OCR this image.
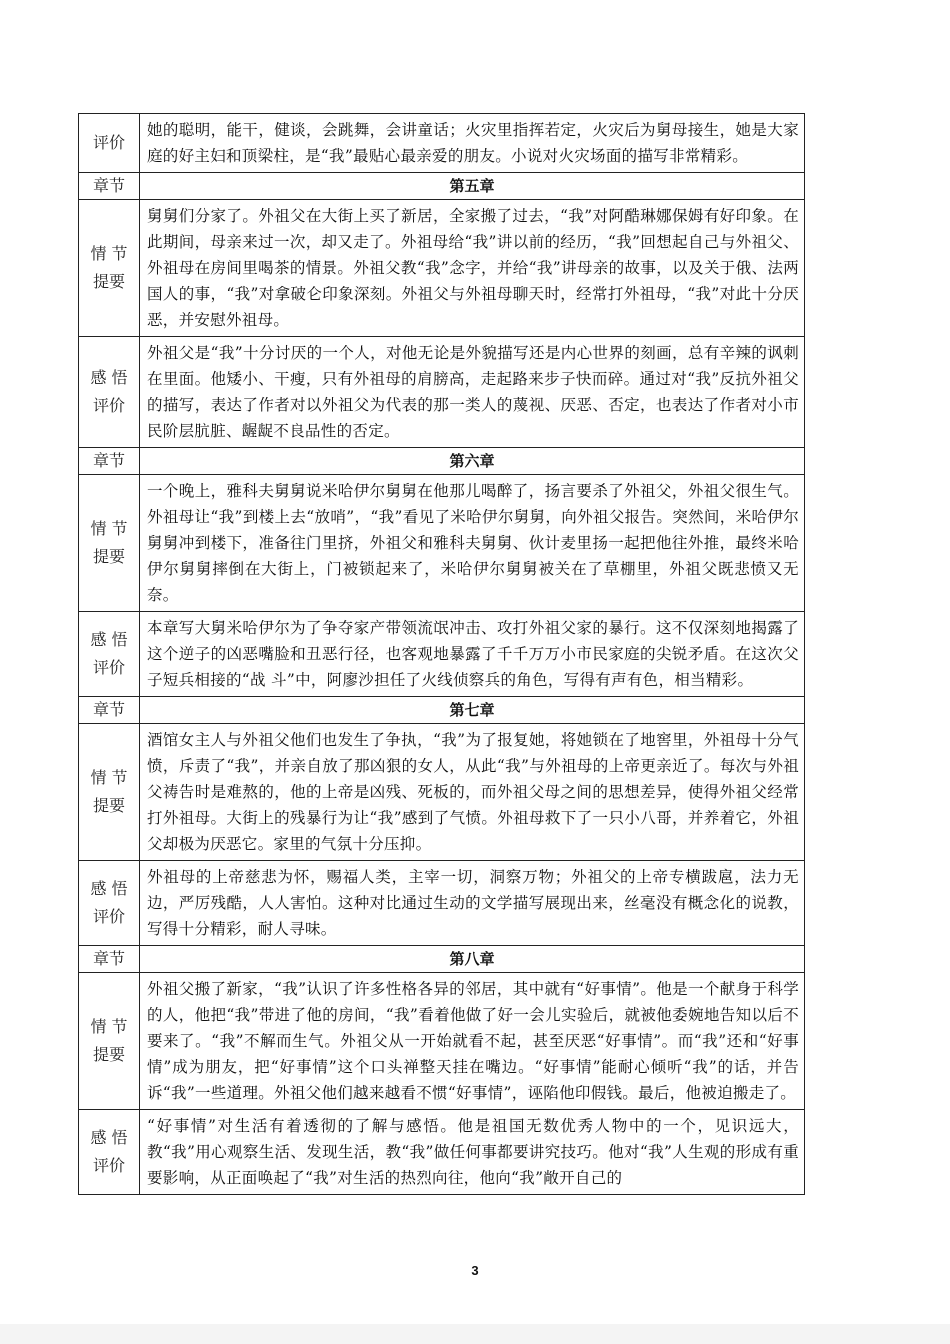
评价	她的聪明，能干，健谈，会跳舞，会讲童话；火灾里指挥若定，火灾后为舅母接生，她是大家庭的好主妇和顶梁柱，是“我”最贴心最亲爱的朋友。小说对火灾场面的描写非常精彩。
章节	第五章
情 节
提要	舅舅们分家了。外祖父在大街上买了新居，全家搬了过去，“我”对阿酷琳娜保姆有好印象。在此期间，母亲来过一次，却又走了。外祖母给“我”讲以前的经历，“我”回想起自己与外祖父、外祖母在房间里喝茶的情景。外祖父教“我”念字，并给“我”讲母亲的故事，以及关于俄、法两国人的事，“我”对拿破仑印象深刻。外祖父与外祖母聊天时，经常打外祖母，“我”对此十分厌恶，并安慰外祖母。
感 悟
评价	外祖父是“我”十分讨厌的一个人，对他无论是外貌描写还是内心世界的刻画，总有辛辣的讽刺在里面。他矮小、干瘦，只有外祖母的肩膀高，走起路来步子快而碎。通过对“我”反抗外祖父的描写，表达了作者对以外祖父为代表的那一类人的蔑视、厌恶、否定，也表达了作者对小市民阶层肮脏、龌龊不良品性的否定。
章节	第六章
情 节
提要	一个晚上，雅科夫舅舅说米哈伊尔舅舅在他那儿喝醉了，扬言要杀了外祖父，外祖父很生气。外祖母让“我”到楼上去“放哨”，“我”看见了米哈伊尔舅舅，向外祖父报告。突然间，米哈伊尔舅舅冲到楼下，准备往门里挤，外祖父和雅科夫舅舅、伙计麦里扬一起把他往外推，最终米哈伊尔舅舅摔倒在大街上，门被锁起来了，米哈伊尔舅舅被关在了草棚里，外祖父既悲愤又无奈。
感 悟
评价	本章写大舅米哈伊尔为了争夺家产带领流氓冲击、攻打外祖父家的暴行。这不仅深刻地揭露了这个逆子的凶恶嘴脸和丑恶行径，也客观地暴露了千千万万小市民家庭的尖锐矛盾。在这次父子短兵相接的“战 斗”中，阿廖沙担任了火线侦察兵的角色，写得有声有色，相当精彩。
章节	第七章
情 节
提要	酒馆女主人与外祖父他们也发生了争执，“我”为了报复她，将她锁在了地窖里，外祖母十分气愤，斥责了“我”，并亲自放了那凶狠的女人，从此“我”与外祖母的上帝更亲近了。每次与外祖父祷告时是难熬的，他的上帝是凶残、死板的，而外祖父母之间的思想差异，使得外祖父经常打外祖母。大街上的残暴行为让“我”感到了气愤。外祖母救下了一只小八哥，并养着它，外祖父却极为厌恶它。家里的气氛十分压抑。
感 悟
评价	外祖母的上帝慈悲为怀，赐福人类，主宰一切，洞察万物；外祖父的上帝专横跋扈，法力无边，严厉残酷，人人害怕。这种对比通过生动的文学描写展现出来，丝毫没有概念化的说教，写得十分精彩，耐人寻味。
章节	第八章
情 节
提要	外祖父搬了新家，“我”认识了许多性格各异的邻居，其中就有“好事情”。他是一个献身于科学的人，他把“我”带进了他的房间，“我”看着他做了好一会儿实验后，就被他委婉地告知以后不要来了。“我”不解而生气。外祖父从一开始就看不起，甚至厌恶“好事情”。而“我”还和“好事情”成为朋友，把“好事情”这个口头禅整天挂在嘴边。“好事情”能耐心倾听“我”的话，并告诉“我”一些道理。外祖父他们越来越看不惯“好事情”，诬陷他印假钱。最后，他被迫搬走了。
感 悟
评价	“好事情”对生活有着透彻的了解与感悟。他是祖国无数优秀人物中的一个，见识远大，教“我”用心观察生活、发现生活，教“我”做任何事都要讲究技巧。他对“我”人生观的形成有重要影响，从正面唤起了“我”对生活的热烈向往，他向“我”敞开自己的
3
